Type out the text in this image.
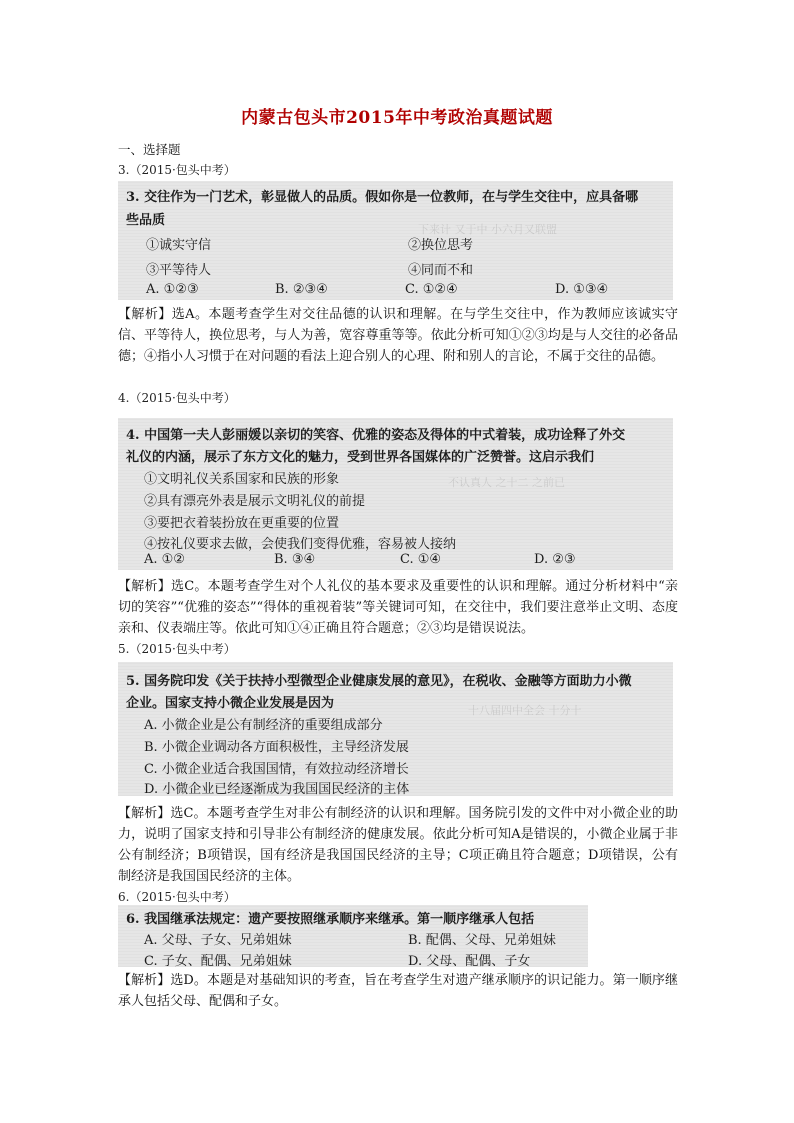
内蒙古包头市2015年中考政治真题试题
一、选择题
3.（2015·包头中考）
下来计 又于中 小六月又联盟
3. 交往作为一门艺术，彰显做人的品质。假如你是一位教师，在与学生交往中，应具备哪
些品质
①诚实守信	②换位思考
③平等待人	④同而不和
A. ①②③	B. ②③④	C. ①②④	D. ①③④
【解析】选A。本题考查学生对交往品德的认识和理解。在与学生交往中，作为教师应该诚实守信、平等待人，换位思考，与人为善，宽容尊重等等。依此分析可知①②③均是与人交往的必备品德；④指小人习惯于在对问题的看法上迎合别人的心理、附和别人的言论，不属于交往的品德。
4.（2015·包头中考）
不认真人 之十二 之前已
4. 中国第一夫人彭丽媛以亲切的笑容、优雅的姿态及得体的中式着装，成功诠释了外交
礼仪的内涵，展示了东方文化的魅力，受到世界各国媒体的广泛赞誉。这启示我们
①文明礼仪关系国家和民族的形象
②具有漂亮外表是展示文明礼仪的前提
③要把衣着装扮放在更重要的位置
④按礼仪要求去做，会使我们变得优雅，容易被人接纳
A. ①②	B. ③④	C. ①④	D. ②③
【解析】选C。本题考查学生对个人礼仪的基本要求及重要性的认识和理解。通过分析材料中“亲切的笑容”“优雅的姿态”“得体的重视着装”等关键词可知，在交往中，我们要注意举止文明、态度亲和、仪表端庄等。依此可知①④正确且符合题意；②③均是错误说法。
5.（2015·包头中考）
十八届四中全会 十分十
5. 国务院印发《关于扶持小型微型企业健康发展的意见》，在税收、金融等方面助力小微
企业。国家支持小微企业发展是因为
A. 小微企业是公有制经济的重要组成部分
B. 小微企业调动各方面积极性，主导经济发展
C. 小微企业适合我国国情，有效拉动经济增长
D. 小微企业已经逐渐成为我国国民经济的主体
【解析】选C。本题考查学生对非公有制经济的认识和理解。国务院引发的文件中对小微企业的助力，说明了国家支持和引导非公有制经济的健康发展。依此分析可知A是错误的，小微企业属于非公有制经济；B项错误，国有经济是我国国民经济的主导；C项正确且符合题意；D项错误，公有制经济是我国国民经济的主体。
6.（2015·包头中考）
6. 我国继承法规定：遗产要按照继承顺序来继承。第一顺序继承人包括
A. 父母、子女、兄弟姐妹	B. 配偶、父母、兄弟姐妹
C. 子女、配偶、兄弟姐妹	D. 父母、配偶、子女
【解析】选D。本题是对基础知识的考查，旨在考查学生对遗产继承顺序的识记能力。第一顺序继承人包括父母、配偶和子女。
